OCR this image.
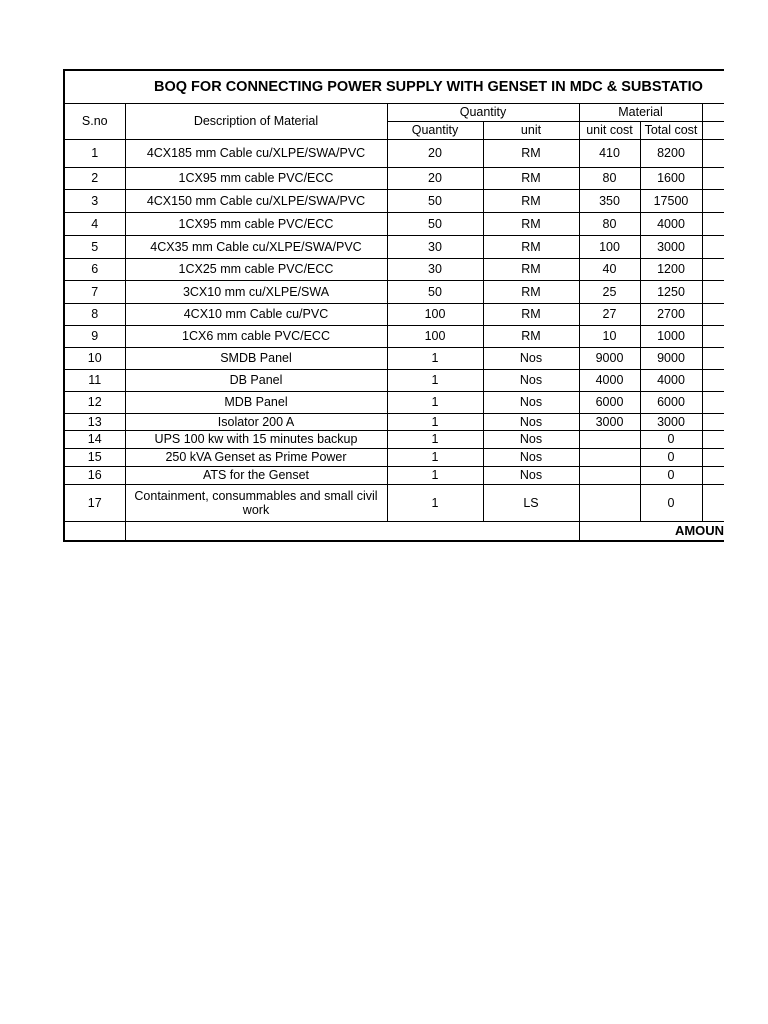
BOQ FOR CONNECTING POWER SUPPLY WITH GENSET IN MDC & SUBSTATIO						
S.no	Description of Material	Quantity		Material		
		Quantity	unit	unit cost	Total cost	
1	4CX185 mm Cable cu/XLPE/SWA/PVC	20	RM	410	8200	
2	1CX95 mm cable PVC/ECC	20	RM	80	1600	
3	4CX150 mm Cable cu/XLPE/SWA/PVC	50	RM	350	17500	
4	1CX95 mm cable PVC/ECC	50	RM	80	4000	
5	4CX35 mm Cable cu/XLPE/SWA/PVC	30	RM	100	3000	
6	1CX25 mm cable PVC/ECC	30	RM	40	1200	
7	3CX10 mm cu/XLPE/SWA	50	RM	25	1250	
8	4CX10 mm Cable cu/PVC	100	RM	27	2700	
9	1CX6 mm cable PVC/ECC	100	RM	10	1000	
10	SMDB Panel	1	Nos	9000	9000	
11	DB Panel	1	Nos	4000	4000	
12	MDB Panel	1	Nos	6000	6000	
13	Isolator 200 A	1	Nos	3000	3000	
14	UPS 100 kw with 15 minutes backup	1	Nos		0	
15	250 kVA Genset as Prime Power	1	Nos		0	
16	ATS for the Genset	1	Nos		0	
17	Containment, consummables and small civil work	1	LS		0	
				AMOUN		
